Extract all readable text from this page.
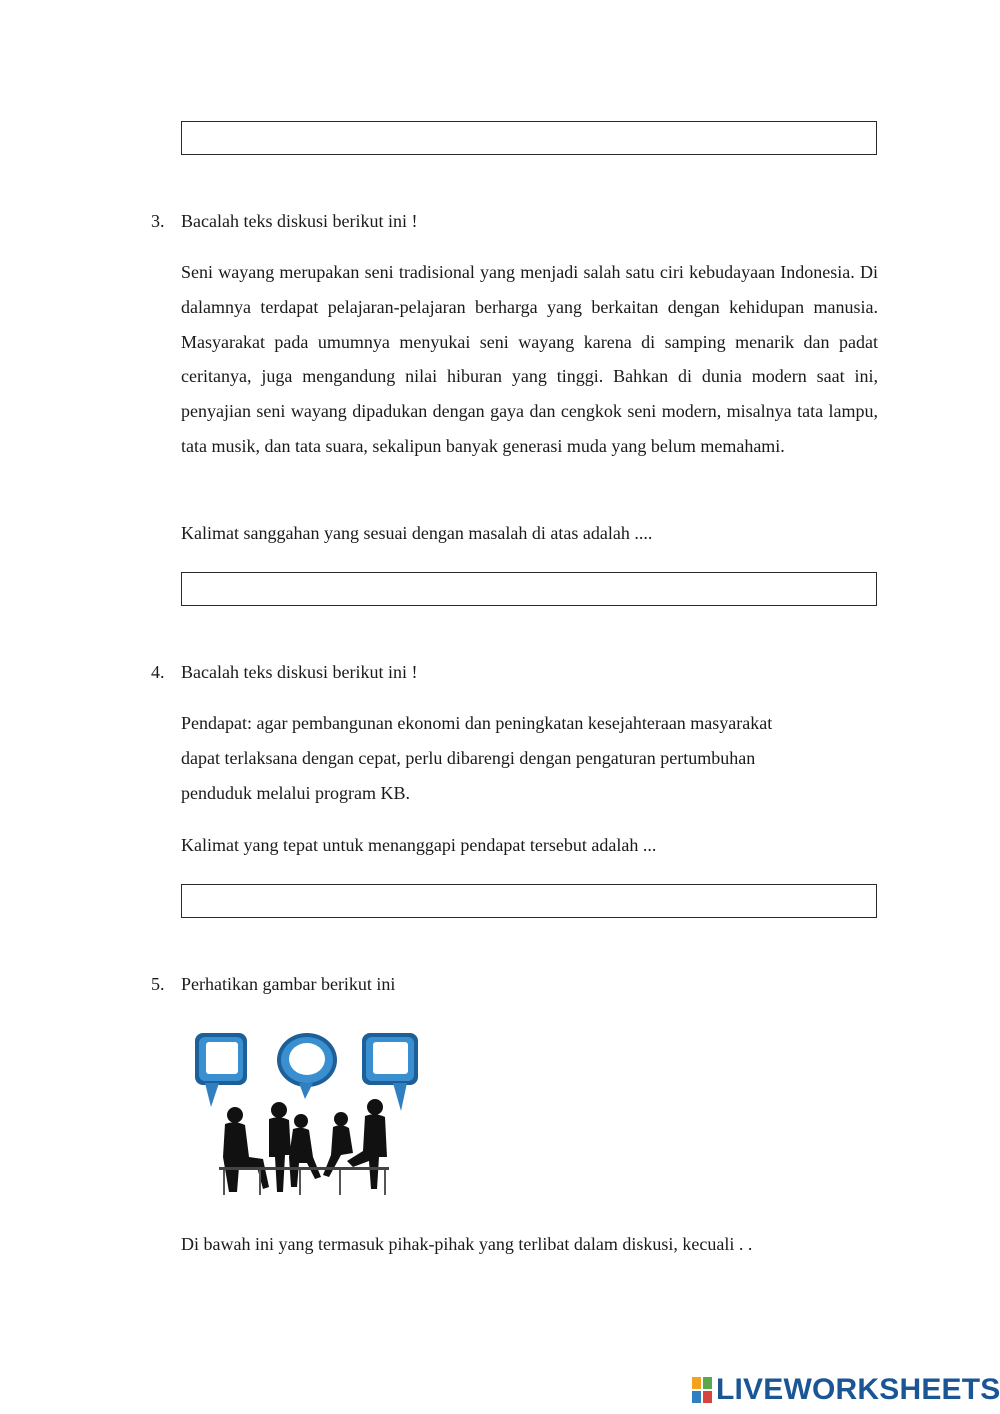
3. Bacalah teks diskusi berikut ini !

Seni wayang merupakan seni tradisional yang menjadi salah satu ciri kebudayaan Indonesia. Di dalamnya terdapat pelajaran-pelajaran berharga yang berkaitan dengan kehidupan manusia. Masyarakat pada umumnya menyukai seni wayang karena di samping menarik dan padat ceritanya, juga mengandung nilai hiburan yang tinggi. Bahkan di dunia modern saat ini, penyajian seni wayang dipadukan dengan gaya dan cengkok seni modern, misalnya tata lampu, tata musik, dan tata suara, sekalipun banyak generasi muda yang belum memahami.

Kalimat sanggahan yang sesuai dengan masalah di atas adalah ....
4. Bacalah teks diskusi berikut ini !
Pendapat: agar pembangunan ekonomi dan peningkatan kesejahteraan masyarakat
dapat terlaksana dengan cepat, perlu dibarengi dengan pengaturan pertumbuhan
penduduk melalui program KB.
Kalimat yang tepat untuk menanggapi pendapat tersebut adalah ...
5. Perhatikan gambar berikut ini
Di bawah ini yang termasuk pihak-pihak yang terlibat dalam diskusi, kecuali . .
LIVEWORKSHEETS
